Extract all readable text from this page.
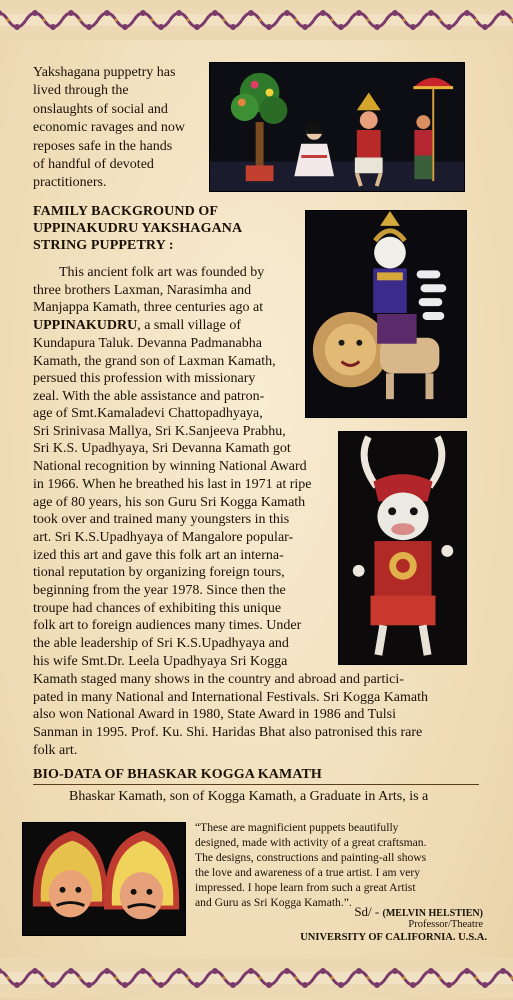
Yakshagana puppetry has
lived through the
onslaughts of social and
economic ravages and now
reposes safe in the hands
of handful of devoted
practitioners.
FAMILY BACKGROUND OF
UPPINAKUDRU YAKSHAGANA
STRING PUPPETRY :
This ancient folk art was founded by
three brothers Laxman, Narasimha and
Manjappa Kamath, three centuries ago at
UPPINAKUDRU, a small village of
Kundapura Taluk. Devanna Padmanabha
Kamath, the grand son of Laxman Kamath,
persued this profession with missionary
zeal. With the able assistance and patron-
age of Smt.Kamaladevi Chattopadhyaya,
Sri Srinivasa Mallya, Sri K.Sanjeeva Prabhu,
Sri K.S. Upadhyaya, Sri Devanna Kamath got
National recognition by winning National Award
in 1966. When he breathed his last in 1971 at ripe
age of 80 years, his son Guru Sri Kogga Kamath
took over and trained many youngsters in this
art. Sri K.S.Upadhyaya of Mangalore popular-
ized this art and gave this folk art an interna-
tional reputation by organizing foreign tours,
beginning from the year 1978. Since then the
troupe had chances of exhibiting this unique
folk art to foreign audiences many times. Under
the able leadership of Sri K.S.Upadhyaya and
his wife Smt.Dr. Leela Upadhyaya Sri Kogga
Kamath staged many shows in the country and abroad and partici-
pated in many National and International Festivals. Sri Kogga Kamath
also won National Award in 1980, State Award in 1986 and Tulsi
Sanman in 1995. Prof. Ku. Shi. Haridas Bhat also patronised this rare
folk art.
BIO-DATA OF BHASKAR KOGGA KAMATH
Bhaskar Kamath, son of Kogga Kamath, a Graduate in Arts, is a
“These are magnificient puppets beautifully
designed, made with activity of a great craftsman.
The designs, constructions and painting-all shows
the love and awareness of a true artist. I am very
impressed. I hope learn from such a great Artist
and Guru as Sri Kogga Kamath.”.
Sd/ - (MELVIN HELSTIEN)
Professor/Theatre
UNIVERSITY OF CALIFORNIA. U.S.A.
